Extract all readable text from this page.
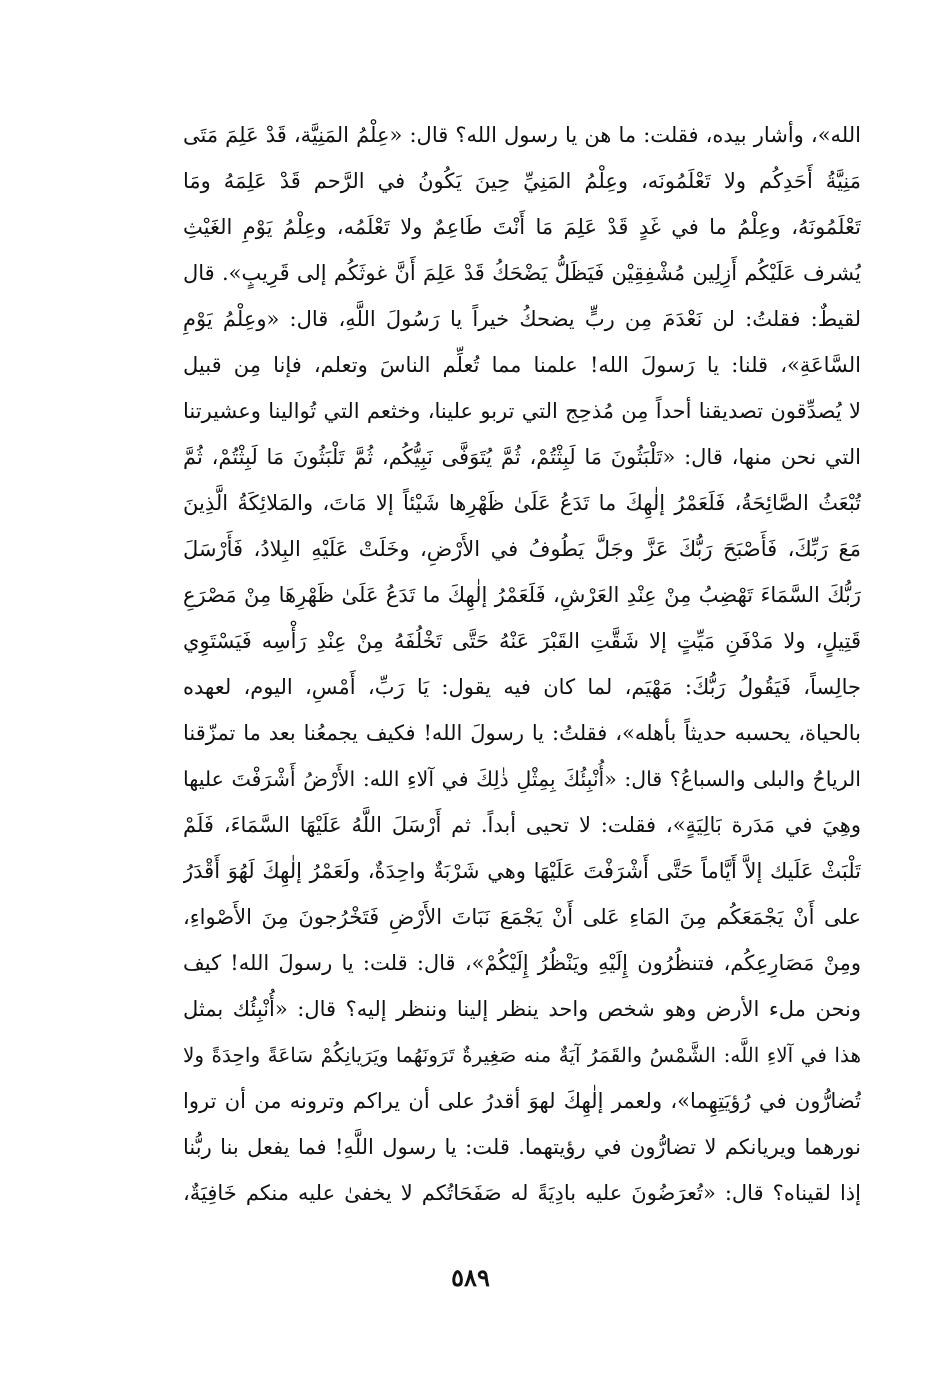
الله»، وأشار بيده، فقلت: ما هن يا رسول الله؟ قال: «عِلْمُ المَنِيَّة، قَدْ عَلِمَ مَتَى
مَنِيَّةُ أَحَدِكُم ولا تَعْلَمُونَه، وعِلْمُ المَنِيِّ حِينَ يَكُونُ في الرَّحم قَدْ عَلِمَهُ ومَا
تَعْلَمُونَهُ، وعِلْمُ ما في غَدٍ قَدْ عَلِمَ مَا أَنْتَ طَاعِمٌ ولا تَعْلَمُه، وعِلْمُ يَوْمِ الغَيْثِ
يُشرف عَلَيْكُم أَزِلِين مُشْفِقِيْن فَيَظَلُّ يَضْحَكُ قَدْ عَلِمَ أَنَّ غوثَكُم إلى قَرِيبٍ». قال
لقيطٌ: فقلتُ: لن نَعْدَمَ مِن ربٍّ يضحكُ خيراً يا رَسُولَ اللَّهِ، قال: «وعِلْمُ يَوْمِ
السَّاعَةِ»، قلنا: يا رَسولَ الله! علمنا مما تُعلِّم الناسَ وتعلم، فإنا مِن قبيل
لا يُصدِّقون تصديقنا أحداً مِن مُذحِج التي تربو علينا، وخثعم التي تُوالينا وعشيرتنا
التي نحن منها، قال: «تَلْبَثُونَ مَا لَبِثْتُمْ، ثُمَّ يُتَوَفَّى نَبِيُّكُم، ثُمَّ تَلْبَثُونَ مَا لَبِثْتُمْ، ثُمَّ
تُبْعَثُ الصَّائِحَةُ، فَلَعَمْرُ إلٰهِكَ ما تَدَعُ عَلَىٰ ظَهْرِها شَيْئاً إلا مَاتَ، والمَلائِكَةُ الَّذِينَ
مَعَ رَبِّكَ، فَأَصْبَحَ رَبُّكَ عَزَّ وجَلَّ يَطُوفُ في الأَرْضِ، وخَلَتْ عَلَيْهِ البِلادُ، فَأَرْسَلَ
رَبُّكَ السَّمَاءَ تَهْضِبُ مِنْ عِنْدِ العَرْشِ، فَلَعَمْرُ إلٰهِكَ ما تَدَعُ عَلَىٰ ظَهْرِهَا مِنْ مَصْرَعِ
قَتِيلٍ، ولا مَدْفَنِ مَيِّتٍ إلا شَقَّتِ القَبْرَ عَنْهُ حَتَّى تَخْلُفَهُ مِنْ عِنْدِ رَأْسِه فَيَسْتَوِي
جالِساً، فَيَقُولُ رَبُّكَ: مَهْيَم، لما كان فيه يقول: يَا رَبِّ، أَمْسِ، اليوم، لعهده
بالحياة، يحسبه حديثاً بأهله»، فقلتُ: يا رسولَ الله! فكيف يجمعُنا بعد ما تمزّقنا
الرياحُ والبلى والسباعُ؟ قال: «أُنْبِئُكَ بِمِثْلِ ذٰلِكَ في آلاءِ الله: الأَرْضُ أَشْرَفْتَ عليها
وهِيَ في مَدَرة بَالِيَةٍ»، فقلت: لا تحيى أبداً. ثم أَرْسَلَ اللَّهُ عَلَيْهَا السَّمَاءَ، فَلَمْ
تَلْبَثْ عَلَيك إلاَّ أَيَّاماً حَتَّى أَشْرَفْتَ عَلَيْهَا وهي شَرْبَةٌ واحِدَةٌ، ولَعَمْرُ إلٰهِكَ لَهُوَ أَقْدَرُ
على أَنْ يَجْمَعَكُم مِنَ المَاءِ عَلى أَنْ يَجْمَعَ نَبَاتَ الأَرْضِ فَتَخْرُجونَ مِنَ الأَصْواءِ،
ومِنْ مَصَارِعِكُم، فتنظُرُون إِلَيْهِ ويَنْظُرُ إِلَيْكُمْ»، قال: قلت: يا رسولَ الله! كيف
ونحن ملء الأرض وهو شخص واحد ينظر إلينا وننظر إليه؟ قال: «أُنْبِئُك بمثل
هذا في آلاءِ اللَّه: الشَّمْسُ والقَمَرُ آيَةٌ منه صَغِيرةٌ تَرَونَهُما ويَرَيانِكُمْ سَاعَةً واحِدَةً ولا
تُضارُّون في رُؤيَتِهِما»، ولعمر إلٰهِكَ لهوَ أقدرُ على أن يراكم وترونه من أن تروا
نورهما ويريانكم لا تضارُّون في رؤيتهما. قلت: يا رسول اللَّهِ! فما يفعل بنا ربُّنا
إذا لقيناه؟ قال: «تُعرَضُونَ عليه بادِيَةً له صَفَحَاتُكم لا يخفىٰ عليه منكم خَافِيَةٌ،
٥٨٩
